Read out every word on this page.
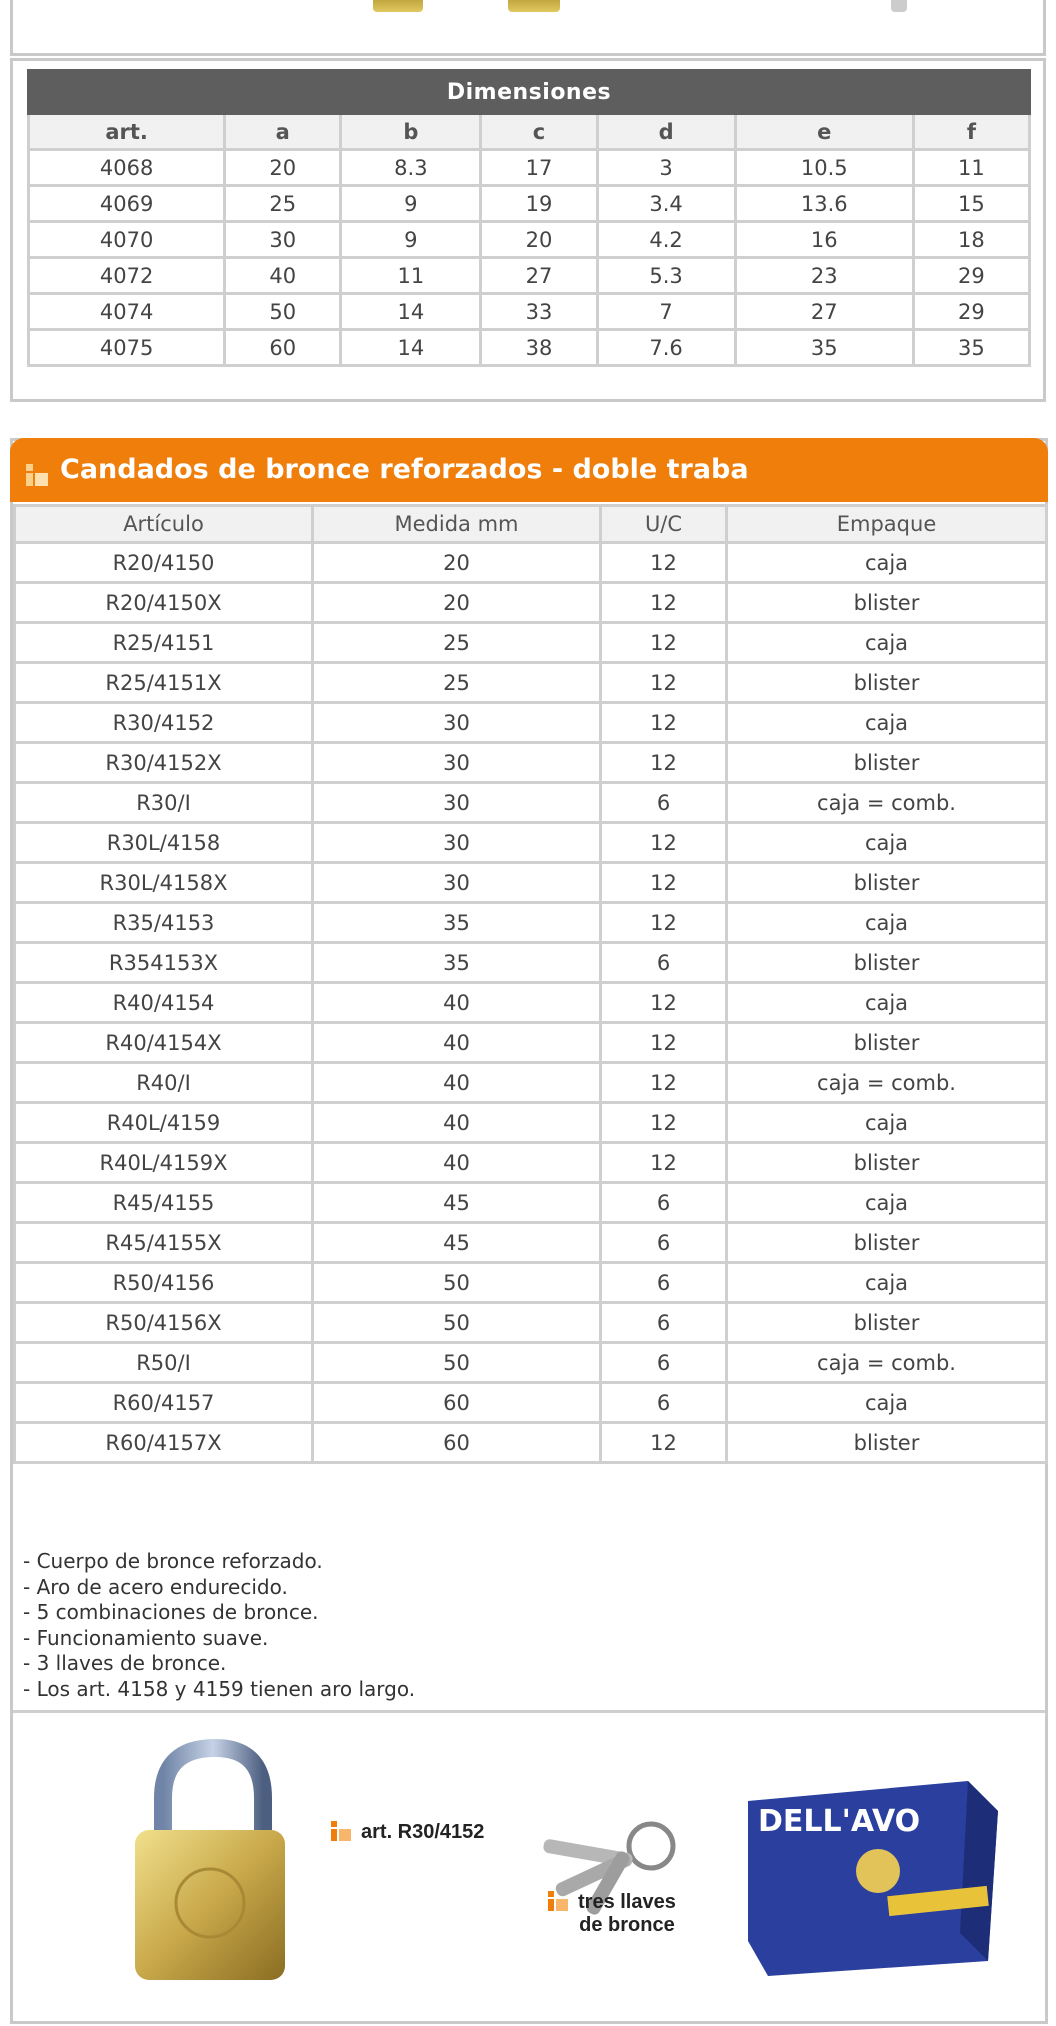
Dimensiones						
art.	a	b	c	d	e	f
4068	20	8.3	17	3	10.5	11
4069	25	9	19	3.4	13.6	15
4070	30	9	20	4.2	16	18
4072	40	11	27	5.3	23	29
4074	50	14	33	7	27	29
4075	60	14	38	7.6	35	35
Candados de bronce reforzados - doble traba
Artículo	Medida mm	U/C	Empaque
R20/4150	20	12	caja
R20/4150X	20	12	blister
R25/4151	25	12	caja
R25/4151X	25	12	blister
R30/4152	30	12	caja
R30/4152X	30	12	blister
R30/I	30	6	caja = comb.
R30L/4158	30	12	caja
R30L/4158X	30	12	blister
R35/4153	35	12	caja
R354153X	35	6	blister
R40/4154	40	12	caja
R40/4154X	40	12	blister
R40/I	40	12	caja = comb.
R40L/4159	40	12	caja
R40L/4159X	40	12	blister
R45/4155	45	6	caja
R45/4155X	45	6	blister
R50/4156	50	6	caja
R50/4156X	50	6	blister
R50/I	50	6	caja = comb.
R60/4157	60	6	caja
R60/4157X	60	12	blister
- Cuerpo de bronce reforzado.
- Aro de acero endurecido.
- 5 combinaciones de bronce.
- Funcionamiento suave.
- 3 llaves de bronce.
- Los art. 4158 y 4159 tienen aro largo.
art. R30/4152
tres llaves
de bronce
DELL'AVO
